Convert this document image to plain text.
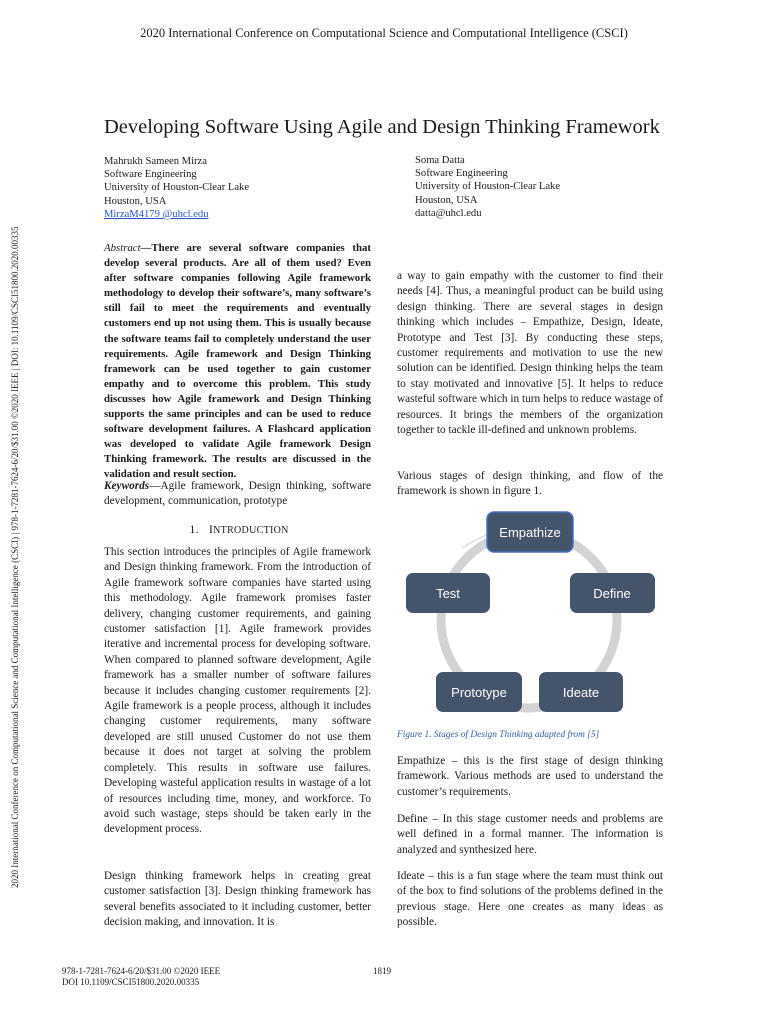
2020 International Conference on Computational Science and Computational Intelligence (CSCI)
2020 International Conference on Computational Science and Computational Intelligence (CSCI) | 978-1-7281-7624-6/20/$31.00 ©2020 IEEE | DOI: 10.1109/CSCI51800.2020.00335
Developing Software Using Agile and Design Thinking Framework
Mahrukh Sameen Mirza
Software Engineering
University of Houston-Clear Lake
Houston, USA
MirzaM4179 @uhcl.edu
Soma Datta
Software Engineering
University of Houston-Clear Lake
Houston, USA
datta@uhcl.edu

Abstract—There are several software companies that develop several products. Are all of them used? Even after software companies following Agile framework methodology to develop their software’s, many software’s still fail to meet the requirements and eventually customers end up not using them. This is usually because the software teams fail to completely understand the user requirements. Agile framework and Design Thinking framework can be used together to gain customer empathy and to overcome this problem. This study discusses how Agile framework and Design Thinking supports the same principles and can be used to reduce software development failures. A Flashcard application was developed to validate Agile framework Design Thinking framework. The results are discussed in the validation and result section.

Keywords—Agile framework, Design thinking, software development, communication, prototype

1. INTRODUCTION

This section introduces the principles of Agile framework and Design thinking framework. From the introduction of Agile framework software companies have started using this methodology. Agile framework promises faster delivery, changing customer requirements, and gaining customer satisfaction [1]. Agile framework provides iterative and incremental process for developing software. When compared to planned software development, Agile framework has a smaller number of software failures because it includes changing customer requirements [2]. Agile framework is a people process, although it includes changing customer requirements, many software developed are still unused Customer do not use them because it does not target at solving the problem completely. This results in software use failures. Developing wasteful application results in wastage of a lot of resources including time, money, and workforce. To avoid such wastage, steps should be taken early in the development process.

Design thinking framework helps in creating great customer satisfaction [3]. Design thinking framework has several benefits associated to it including customer, better decision making, and innovation. It is

a way to gain empathy with the customer to find their needs [4]. Thus, a meaningful product can be build using design thinking. There are several stages in design thinking which includes – Empathize, Design, Ideate, Prototype and Test [3]. By conducting these steps, customer requirements and motivation to use the new solution can be identified. Design thinking helps the team to stay motivated and innovative [5]. It helps to reduce wasteful software which in turn helps to reduce wastage of resources. It brings the members of the organization together to tackle ill-defined and unknown problems.

Various stages of design thinking, and flow of the framework is shown in figure 1.

Empathize
Define
Ideate
Prototype
Test
Figure 1. Stages of Design Thinking adapted from [5]

Empathize – this is the first stage of design thinking framework. Various methods are used to understand the customer’s requirements.

Define – In this stage customer needs and problems are well defined in a formal manner. The information is analyzed and synthesized here.

Ideate – this is a fun stage where the team must think out of the box to find solutions of the problems defined in the previous stage. Here one creates as many ideas as possible.

978-1-7281-7624-6/20/$31.00 ©2020 IEEE
DOI 10.1109/CSCI51800.2020.00335
1819
